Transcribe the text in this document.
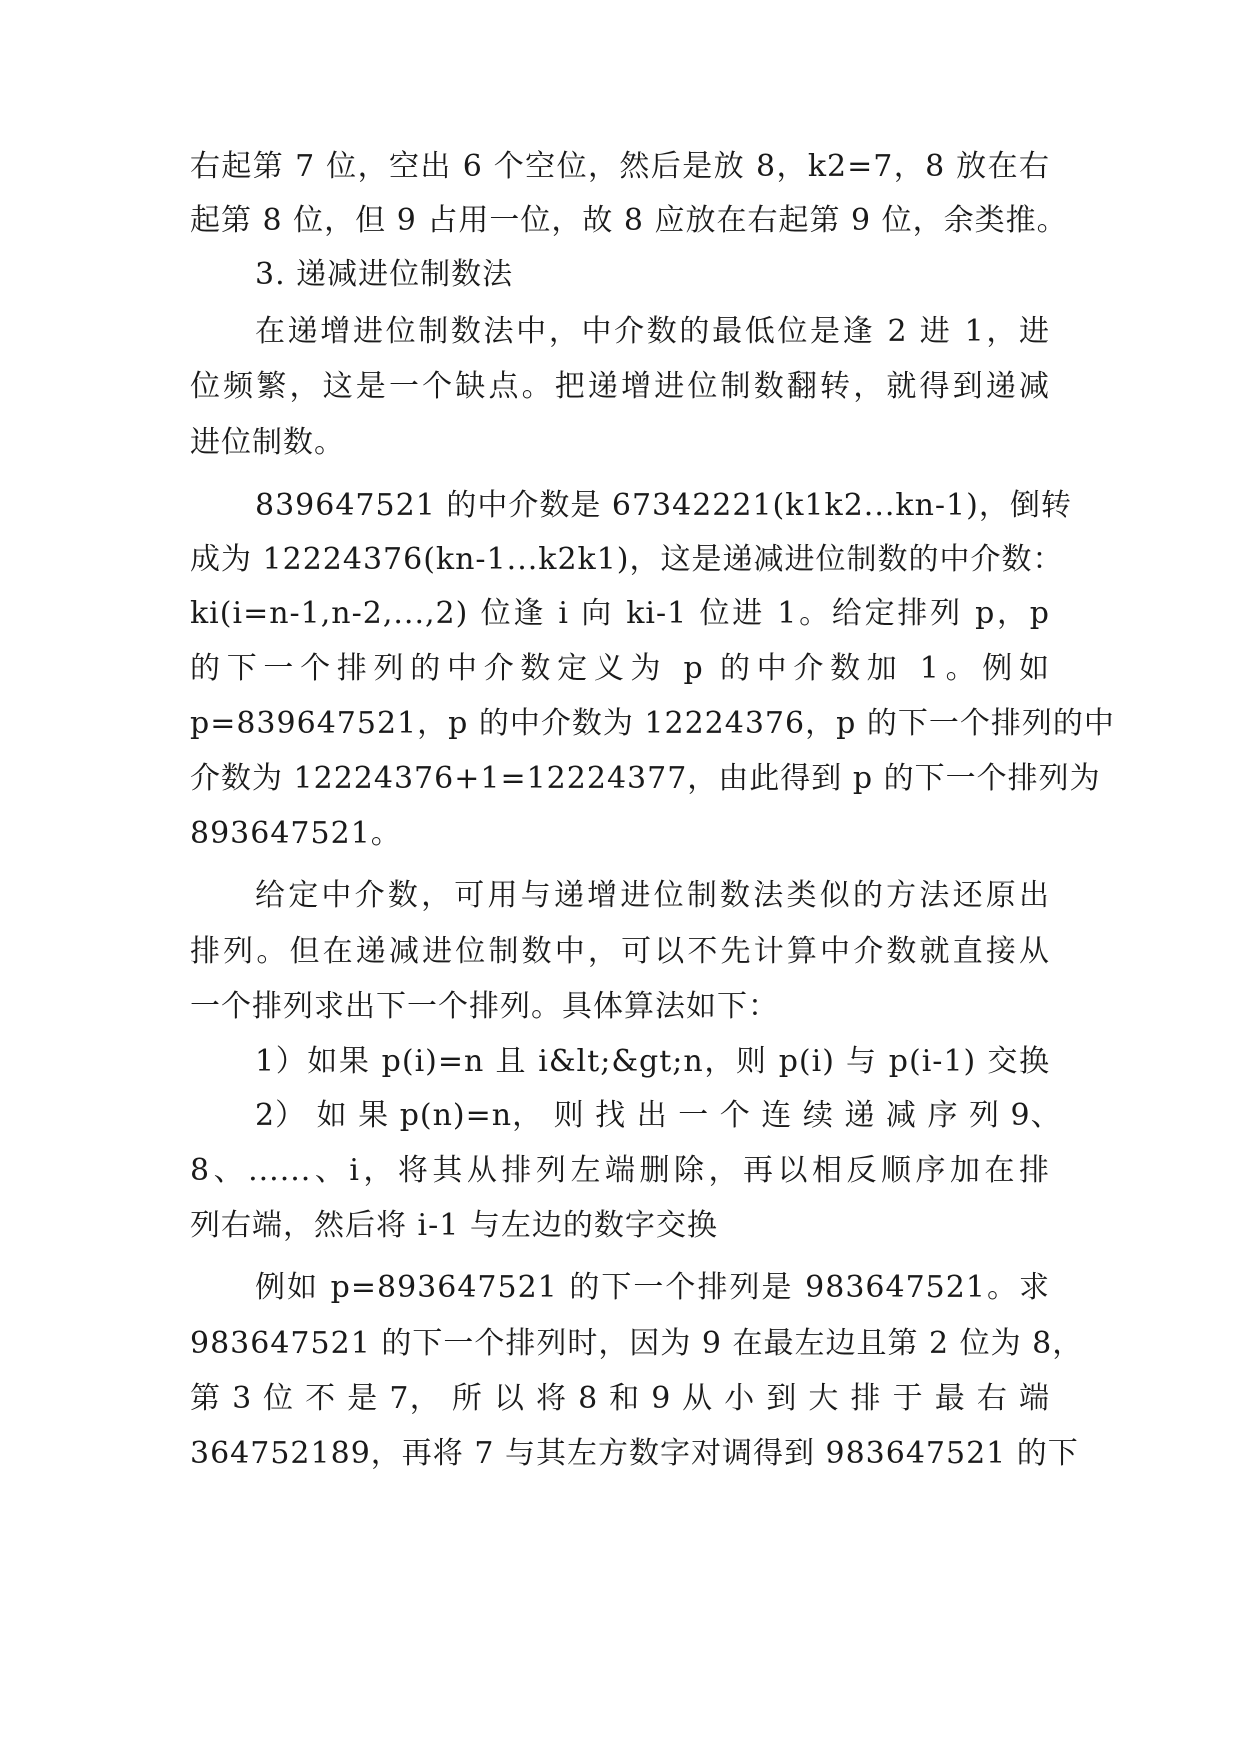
右起第 7 位，空出 6 个空位，然后是放 8，k2=7，8 放在右
起第 8 位，但 9 占用一位，故 8 应放在右起第 9 位，余类推。
3. 递减进位制数法
在递增进位制数法中，中介数的最低位是逢 2 进 1，进
位频繁，这是一个缺点。把递增进位制数翻转，就得到递减
进位制数。
839647521 的中介数是 67342221(k1k2...kn-1)，倒转
成为 12224376(kn-1...k2k1)，这是递减进位制数的中介数：
ki(i=n-1,n-2,...,2) 位逢 i 向 ki-1 位进 1。给定排列 p，p
的下一个排列的中介数定义为 p 的中介数加 1。例如
p=839647521，p 的中介数为 12224376，p 的下一个排列的中
介数为 12224376+1=12224377，由此得到 p 的下一个排列为
893647521。
给定中介数，可用与递增进位制数法类似的方法还原出
排列。但在递减进位制数中，可以不先计算中介数就直接从
一个排列求出下一个排列。具体算法如下：
1）如果 p(i)=n 且 i&lt;&gt;n，则 p(i) 与 p(i-1) 交换
2） 如 果 p(n)=n， 则 找 出 一 个 连 续 递 减 序 列 9、
8、......、i，将其从排列左端删除，再以相反顺序加在排
列右端，然后将 i-1 与左边的数字交换
例如 p=893647521 的下一个排列是 983647521。求
983647521 的下一个排列时，因为 9 在最左边且第 2 位为 8，
第 3 位 不 是 7， 所 以 将 8 和 9 从 小 到 大 排 于 最 右 端
364752189，再将 7 与其左方数字对调得到 983647521 的下
